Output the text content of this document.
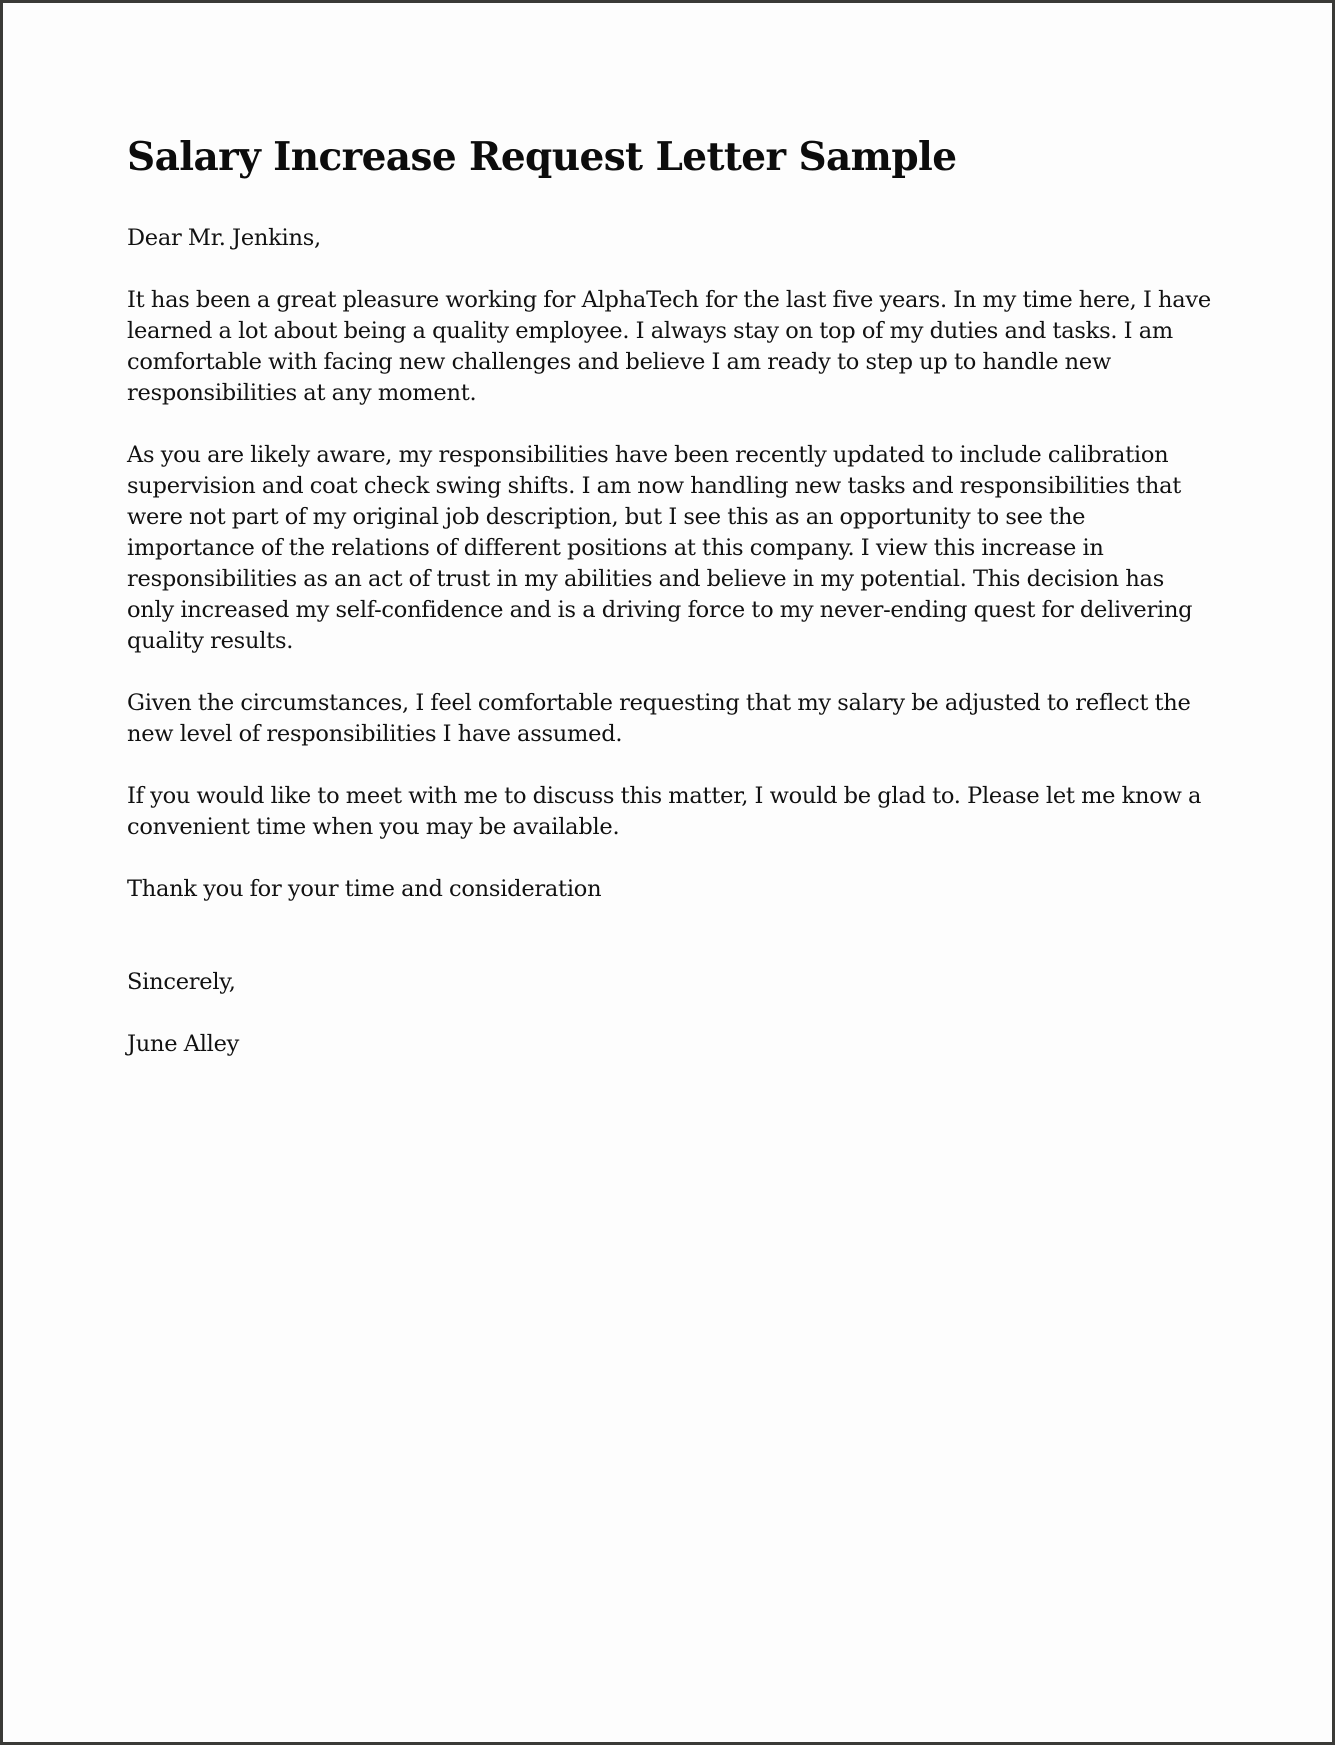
Salary Increase Request Letter Sample

Dear Mr. Jenkins,

It has been a great pleasure working for AlphaTech for the last five years. In my time here, I have learned a lot about being a quality employee. I always stay on top of my duties and tasks. I am comfortable with facing new challenges and believe I am ready to step up to handle new responsibilities at any moment.

As you are likely aware, my responsibilities have been recently updated to include calibration supervision and coat check swing shifts. I am now handling new tasks and responsibilities that were not part of my original job description, but I see this as an opportunity to see the importance of the relations of different positions at this company. I view this increase in responsibilities as an act of trust in my abilities and believe in my potential. This decision has only increased my self-confidence and is a driving force to my never-ending quest for delivering quality results.

Given the circumstances, I feel comfortable requesting that my salary be adjusted to reflect the new level of responsibilities I have assumed.

If you would like to meet with me to discuss this matter, I would be glad to. Please let me know a convenient time when you may be available.

Thank you for your time and consideration

Sincerely,

June Alley
